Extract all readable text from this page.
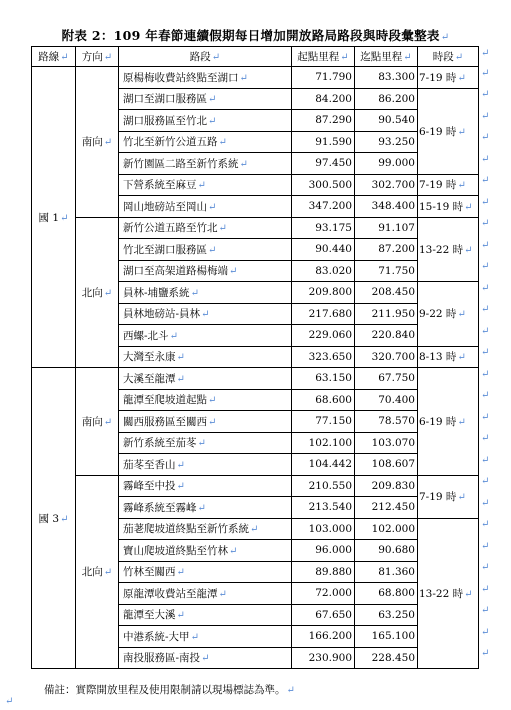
附表 2：109 年春節連續假期每日增加開放路局路段與時段彙整表↵
路線↵	方向↵	路段↵	起點里程↵	迄點里程↵	時段↵
國 1↵	南向↵	原楊梅收費站終點至湖口↵	71.790	83.300	7-19 時↵
		湖口至湖口服務區↵	84.200	86.200	6-19 時↵
		湖口服務區至竹北↵	87.290	90.540	
		竹北至新竹公道五路↵	91.590	93.250	
		新竹園區二路至新竹系統↵	97.450	99.000	
		下營系統至麻豆↵	300.500	302.700	7-19 時↵
		岡山地磅站至岡山↵	347.200	348.400	15-19 時↵
	北向↵	新竹公道五路至竹北↵	93.175	91.107	13-22 時↵
		竹北至湖口服務區↵	90.440	87.200	
		湖口至高架道路楊梅端↵	83.020	71.750	
		員林-埔鹽系統↵	209.800	208.450	9-22 時↵
		員林地磅站-員林↵	217.680	211.950	
		西螺-北斗↵	229.060	220.840	
		大灣至永康↵	323.650	320.700	8-13 時↵
國 3↵	南向↵	大溪至龍潭↵	63.150	67.750	6-19 時↵
		龍潭至爬坡道起點↵	68.600	70.400	
		關西服務區至關西↵	77.150	78.570	
		新竹系統至茄苳↵	102.100	103.070	
		茄苳至香山↵	104.442	108.607	
	北向↵	霧峰至中投↵	210.550	209.830	7-19 時↵
		霧峰系統至霧峰↵	213.540	212.450	
		茄荖爬坡道終點至新竹系統↵	103.000	102.000	13-22 時↵
		寶山爬坡道終點至竹林↵	96.000	90.680	
		竹林至關西↵	89.880	81.360	
		原龍潭收費站至龍潭↵	72.000	68.800	
		龍潭至大溪↵	67.650	63.250	
		中港系統-大甲↵	166.200	165.100	
		南投服務區-南投↵	230.900	228.450	
↵
↵
↵
↵
↵
↵
↵
↵
↵
↵
↵
↵
↵
↵
↵
↵
↵
↵
↵
↵
↵
↵
↵
↵
↵
↵
↵
↵
↵
備註：實際開放里程及使用限制請以現場標誌為準。↵
↵
